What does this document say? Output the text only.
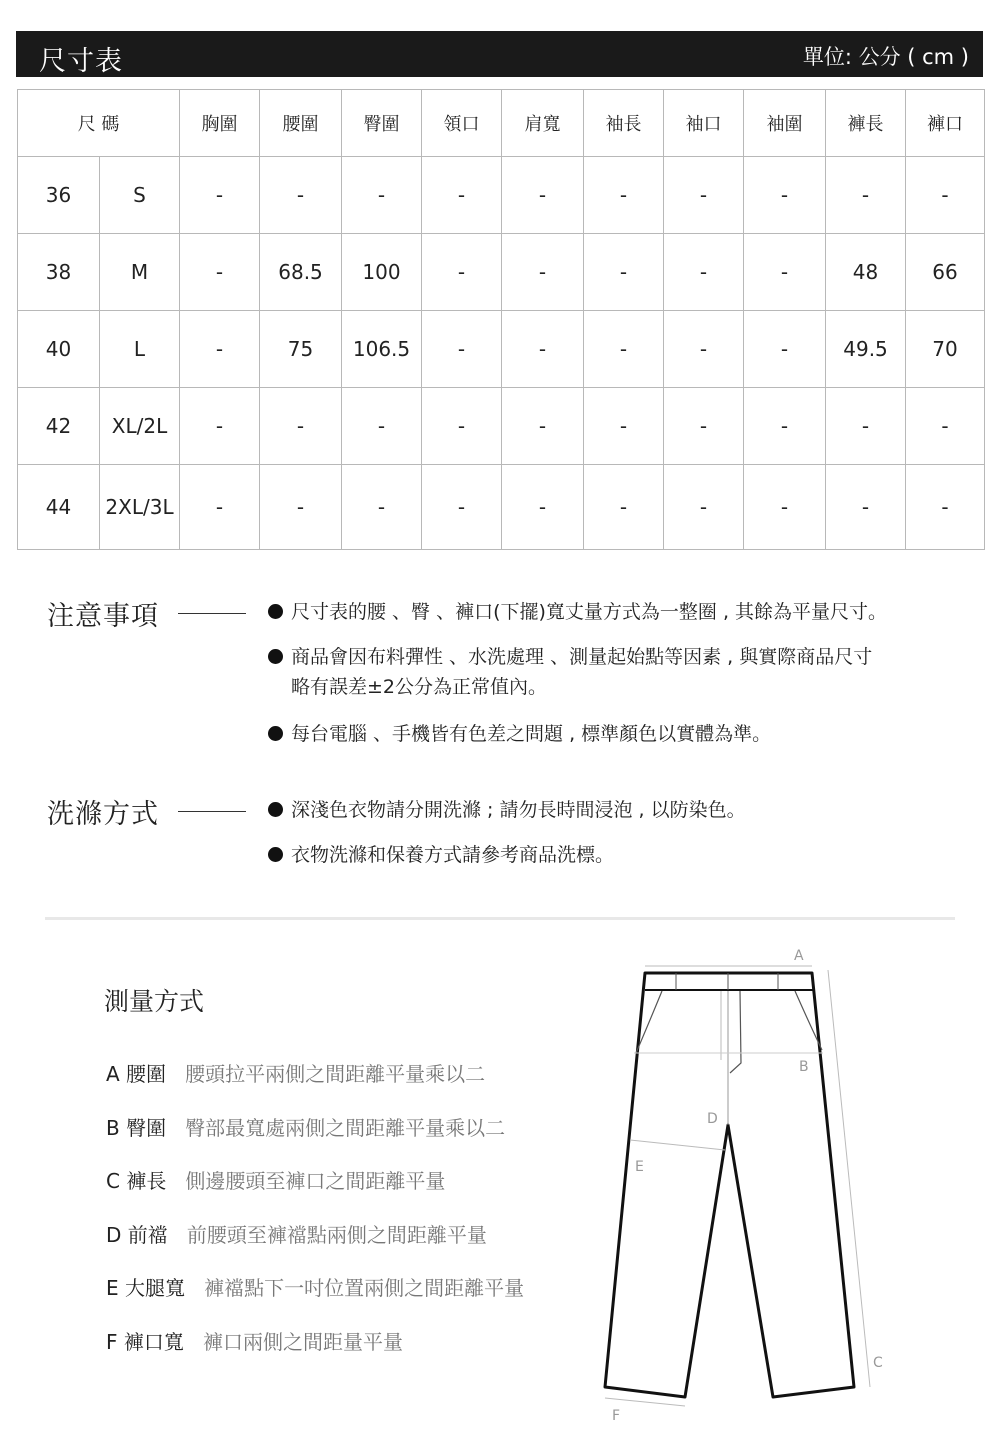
尺寸表	單位: 公分 ( cm )
尺 碼		胸圍	腰圍	臀圍	領口	肩寬	袖長	袖口	袖圍	褲長	褲口
36	S	-	-	-	-	-	-	-	-	-	-
38	M	-	68.5	100	-	-	-	-	-	48	66
40	L	-	75	106.5	-	-	-	-	-	49.5	70
42	XL/2L	-	-	-	-	-	-	-	-	-	-
44	2XL/3L	-	-	-	-	-	-	-	-	-	-
注意事項	尺寸表的腰 、臀 、褲口(下擺)寬丈量方式為一整圈 , 其餘為平量尺寸。
商品會因布料彈性 、水洗處理 、測量起始點等因素 , 與實際商品尺寸
略有誤差±2公分為正常值內。
每台電腦 、手機皆有色差之問題 , 標準顏色以實體為準。
洗滌方式	深淺色衣物請分開洗滌 ; 請勿長時間浸泡 , 以防染色。
衣物洗滌和保養方式請參考商品洗標。
測量方式
A 腰圍 腰頭拉平兩側之間距離平量乘以二
B 臀圍 臀部最寬處兩側之間距離平量乘以二
C 褲長 側邊腰頭至褲口之間距離平量
D 前襠 前腰頭至褲襠點兩側之間距離平量
E 大腿寬 褲襠點下一吋位置兩側之間距離平量
F 褲口寬 褲口兩側之間距量平量
A
B
C
D
E
F
